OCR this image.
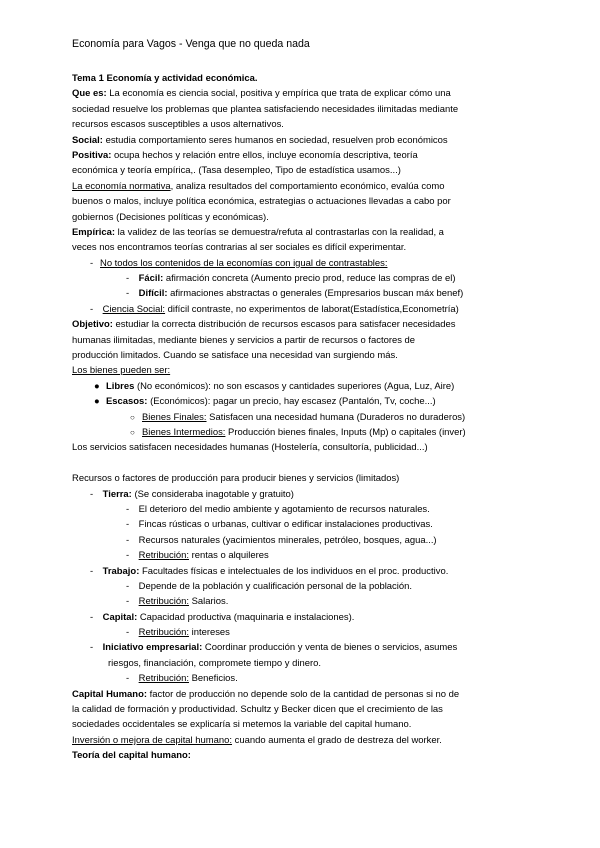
Economía para Vagos - Venga que no queda nada
Tema 1 Economía y actividad económica.
Que es: La economía es ciencia social, positiva y empírica que trata de explicar cómo una
sociedad resuelve los problemas que plantea satisfaciendo necesidades ilimitadas mediante
recursos escasos susceptibles a usos alternativos.
Social: estudia comportamiento seres humanos en sociedad, resuelven prob económicos
Positiva: ocupa hechos y relación entre ellos, incluye economía descriptiva, teoría
económica y teoría empírica,. (Tasa desempleo, Tipo de estadística usamos...)
La economía normativa, analiza resultados del comportamiento económico, evalúa como
buenos o malos, incluye política económica, estrategias o actuaciones llevadas a cabo por
gobiernos (Decisiones políticas y económicas).
Empírica: la validez de las teorías se demuestra/refuta al contrastarlas con la realidad, a
veces nos encontramos teorías contrarias al ser sociales es difícil experimentar.
- No todos los contenidos de la economías con igual de contrastables:
- Fácil: afirmación concreta (Aumento precio prod, reduce las compras de el)
- Difícil: afirmaciones abstractas o generales (Empresarios buscan máx benef)
- Ciencia Social: difícil contraste, no experimentos de laborat(Estadística,Econometría)
Objetivo: estudiar la correcta distribución de recursos escasos para satisfacer necesidades
humanas ilimitadas, mediante bienes y servicios a partir de recursos o factores de
producción limitados. Cuando se satisface una necesidad van surgiendo más.
Los bienes pueden ser:
● Libres (No económicos): no son escasos y cantidades superiores (Agua, Luz, Aire)
● Escasos: (Económicos): pagar un precio, hay escasez (Pantalón, Tv, coche...)
○ Bienes Finales: Satisfacen una necesidad humana (Duraderos no duraderos)
○ Bienes Intermedios: Producción bienes finales, Inputs (Mp) o capitales (inver)
Los servicios satisfacen necesidades humanas (Hostelería, consultoría, publicidad...)
Recursos o factores de producción para producir bienes y servicios (limitados)
- Tierra: (Se consideraba inagotable y gratuito)
- El deterioro del medio ambiente y agotamiento de recursos naturales.
- Fincas rústicas o urbanas, cultivar o edificar instalaciones productivas.
- Recursos naturales (yacimientos minerales, petróleo, bosques, agua...)
- Retribución: rentas o alquileres
- Trabajo: Facultades físicas e intelectuales de los individuos en el proc. productivo.
- Depende de la población y cualificación personal de la población.
- Retribución: Salarios.
- Capital: Capacidad productiva (maquinaria e instalaciones).
- Retribución: intereses
- Iniciativo empresarial: Coordinar producción y venta de bienes o servicios, asumes
riesgos, financiación, compromete tiempo y dinero.
- Retribución: Beneficios.
Capital Humano: factor de producción no depende solo de la cantidad de personas si no de
la calidad de formación y productividad. Schultz y Becker dicen que el crecimiento de las
sociedades occidentales se explicaría si metemos la variable del capital humano.
Inversión o mejora de capital humano: cuando aumenta el grado de destreza del worker.
Teoría del capital humano:
